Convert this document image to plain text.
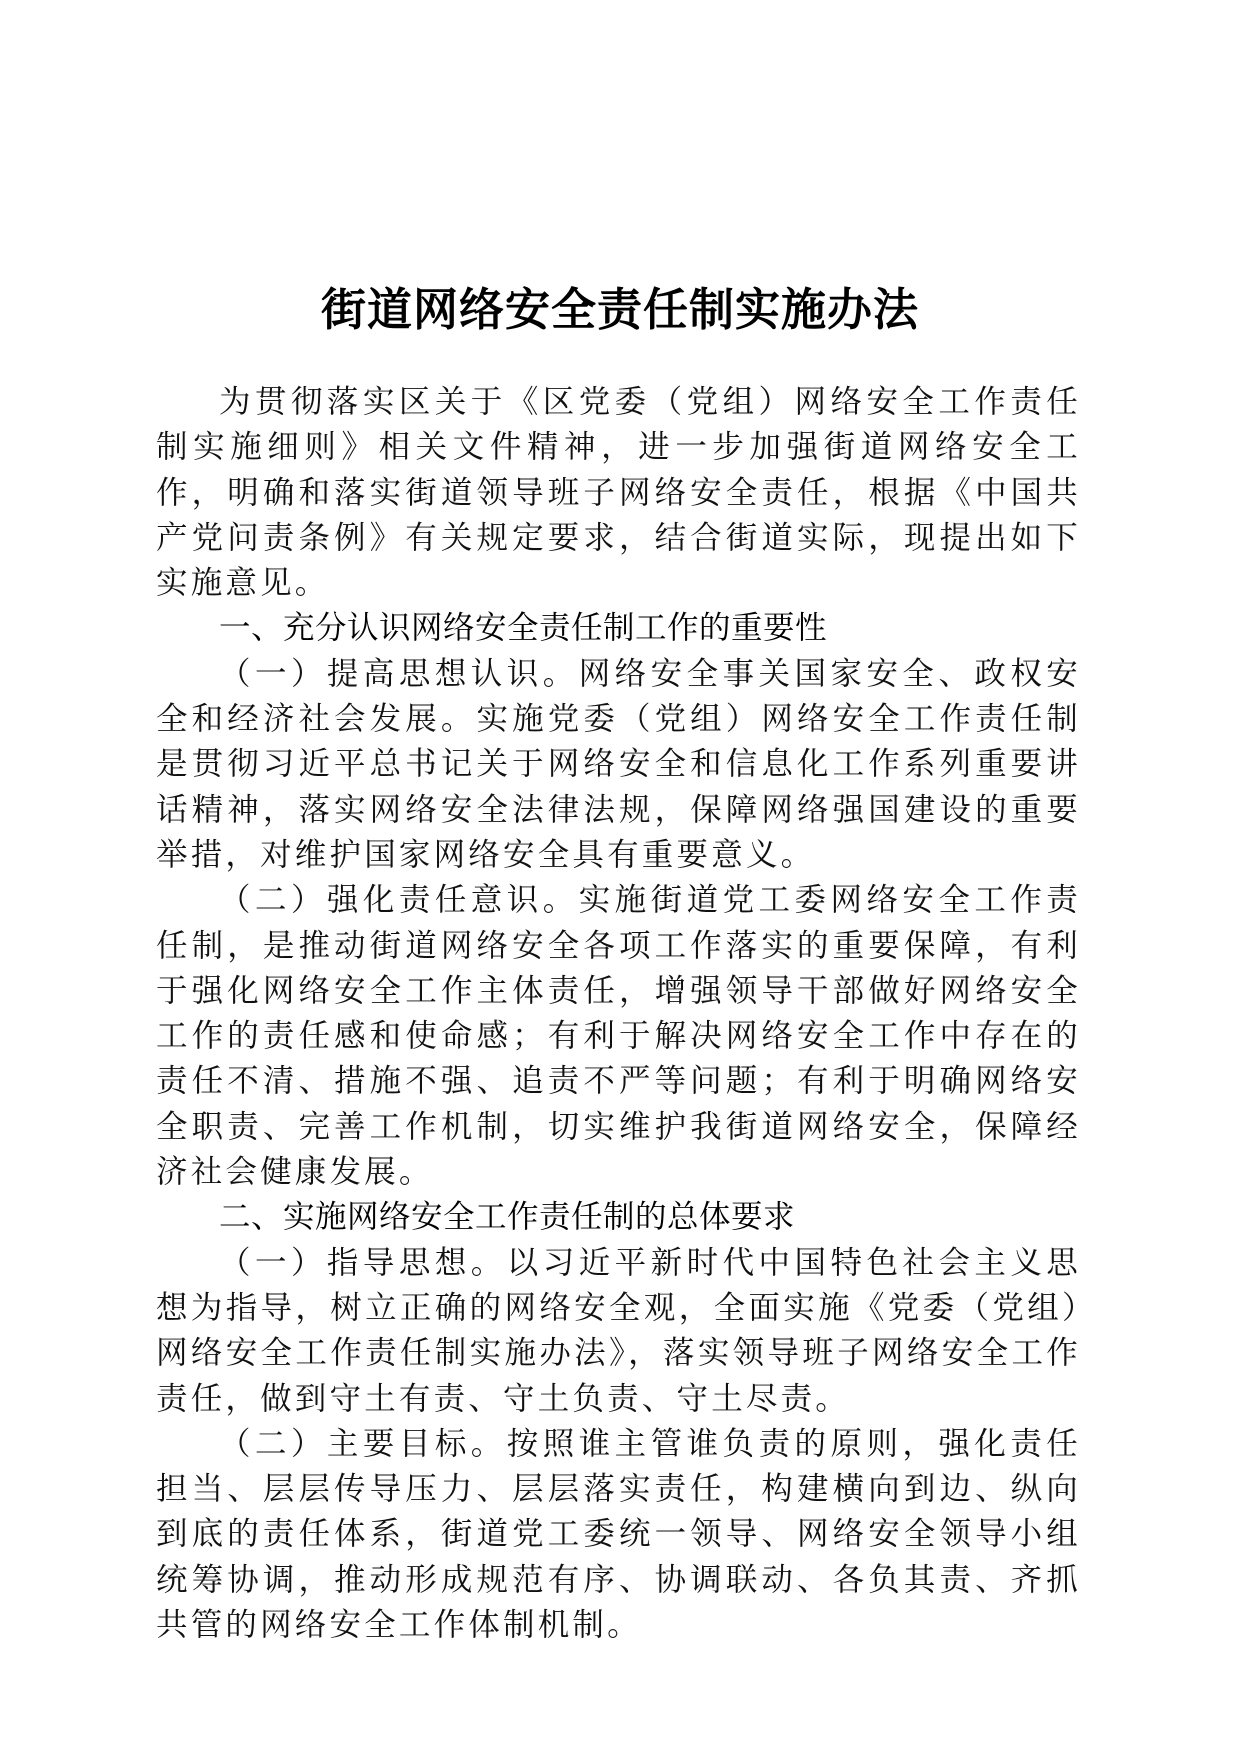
街道网络安全责任制实施办法

为贯彻落实区关于《区党委（党组）网络安全工作责任制实施细则》相关文件精神，进一步加强街道网络安全工作，明确和落实街道领导班子网络安全责任，根据《中国共产党问责条例》有关规定要求，结合街道实际，现提出如下实施意见。

一、充分认识网络安全责任制工作的重要性

（一）提高思想认识。网络安全事关国家安全、政权安全和经济社会发展。实施党委（党组）网络安全工作责任制是贯彻习近平总书记关于网络安全和信息化工作系列重要讲话精神，落实网络安全法律法规，保障网络强国建设的重要举措，对维护国家网络安全具有重要意义。

（二）强化责任意识。实施街道党工委网络安全工作责任制，是推动街道网络安全各项工作落实的重要保障，有利于强化网络安全工作主体责任，增强领导干部做好网络安全工作的责任感和使命感；有利于解决网络安全工作中存在的责任不清、措施不强、追责不严等问题；有利于明确网络安全职责、完善工作机制，切实维护我街道网络安全，保障经济社会健康发展。

二、实施网络安全工作责任制的总体要求

（一）指导思想。以习近平新时代中国特色社会主义思想为指导，树立正确的网络安全观，全面实施《党委（党组）网络安全工作责任制实施办法》，落实领导班子网络安全工作责任，做到守土有责、守土负责、守土尽责。

（二）主要目标。按照谁主管谁负责的原则，强化责任担当、层层传导压力、层层落实责任，构建横向到边、纵向到底的责任体系，街道党工委统一领导、网络安全领导小组统筹协调，推动形成规范有序、协调联动、各负其责、齐抓共管的网络安全工作体制机制。
